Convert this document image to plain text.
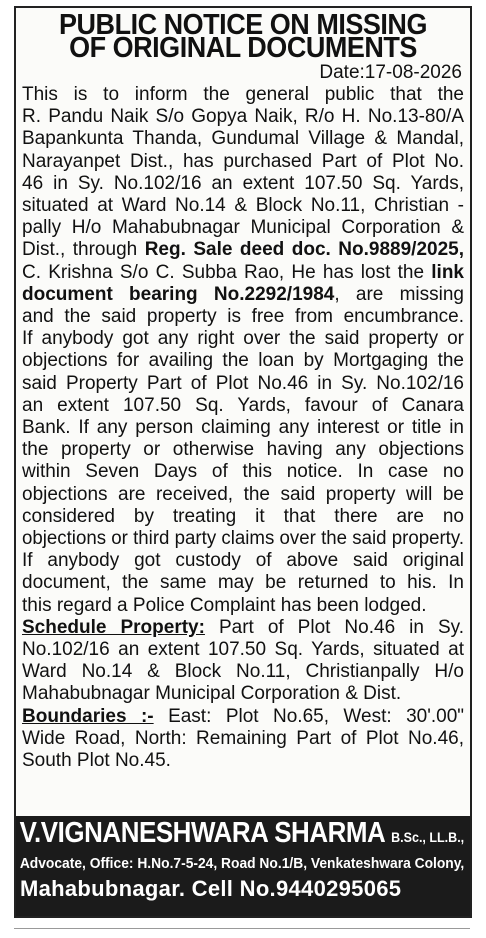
PUBLIC NOTICE ON MISSING
OF ORIGINAL DOCUMENTS
Date:17-08-2026
This is to inform the general public that the
R. Pandu Naik S/o Gopya Naik, R/o H. No.13-80/A
Bapankunta Thanda, Gundumal Village & Mandal,
Narayanpet Dist., has purchased Part of Plot No.
46 in Sy. No.102/16 an extent 107.50 Sq. Yards,
situated at Ward No.14 & Block No.11, Christian -
pally H/o Mahabubnagar Municipal Corporation &
Dist., through Reg. Sale deed doc. No.9889/2025,
C. Krishna S/o C. Subba Rao, He has lost the link
document bearing No.2292/1984, are missing
and the said property is free from encumbrance.
If anybody got any right over the said property or
objections for availing the loan by Mortgaging the
said Property Part of Plot No.46 in Sy. No.102/16
an extent 107.50 Sq. Yards, favour of Canara
Bank. If any person claiming any interest or title in
the property or otherwise having any objections
within Seven Days of this notice. In case no
objections are received, the said property will be
considered by treating it that there are no
objections or third party claims over the said property.
If anybody got custody of above said original
document, the same may be returned to his. In
this regard a Police Complaint has been lodged.
Schedule Property: Part of Plot No.46 in Sy.
No.102/16 an extent 107.50 Sq. Yards, situated at
Ward No.14 & Block No.11, Christianpally H/o
Mahabubnagar Municipal Corporation & Dist.
Boundaries :- East: Plot No.65, West: 30'.00"
Wide Road, North: Remaining Part of Plot No.46,
South Plot No.45.
V.VIGNANESHWARA SHARMA B.Sc., LL.B.,
Advocate, Office: H.No.7-5-24, Road No.1/B, Venkateshwara Colony,
Mahabubnagar. Cell No.9440295065
